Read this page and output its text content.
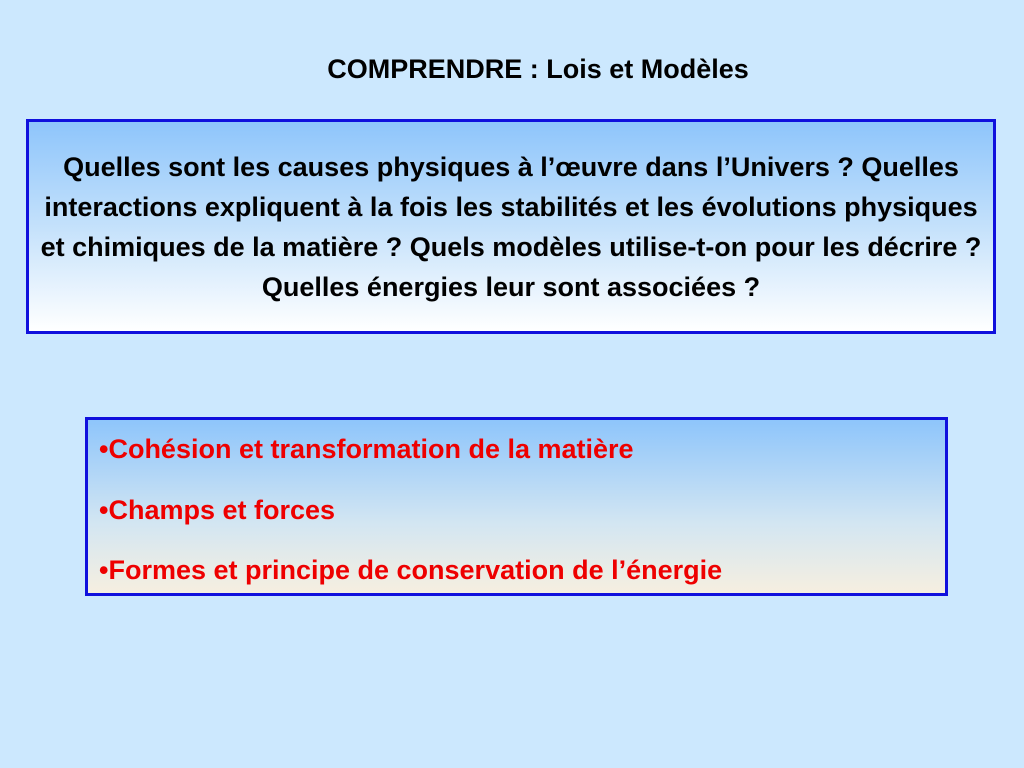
COMPRENDRE : Lois et Modèles

Quelles sont les causes physiques à l’œuvre dans l’Univers ? Quelles interactions expliquent à la fois les stabilités et les évolutions physiques et chimiques de la matière ? Quels modèles utilise-t-on pour les décrire ? Quelles énergies leur sont associées ?

•Cohésion et transformation de la matière
•Champs et forces
•Formes et principe de conservation de l’énergie
